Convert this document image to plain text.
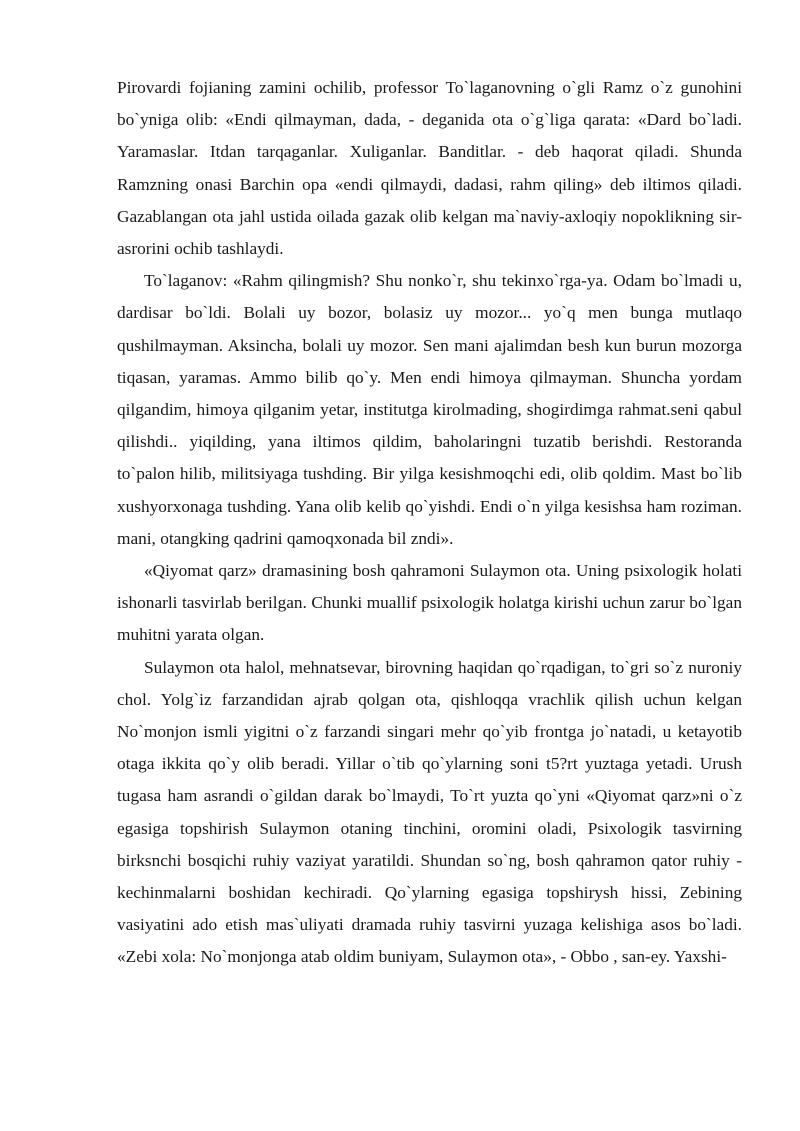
Pirovardi fojianing zamini ochilib, professor To`laganovning o`gli Ramz o`z gunohini bo`yniga olib: «Endi qilmayman, dada, - deganida ota o`g`liga qarata: «Dard bo`ladi. Yaramaslar. Itdan tarqaganlar. Xuliganlar. Banditlar. - deb haqorat qiladi. Shunda Ramzning onasi Barchin opa «endi qilmaydi, dadasi, rahm qiling» deb iltimos qiladi. Gazablangan ota jahl ustida oilada gazak olib kelgan ma`naviy-axloqiy nopoklikning sir-asrorini ochib tashlaydi.

To`laganov: «Rahm qilingmish? Shu nonko`r, shu tekinxo`rga-ya. Odam bo`lmadi u, dardisar bo`ldi. Bolali uy bozor, bolasiz uy mozor... yo`q men bunga mutlaqo qushilmayman. Aksincha, bolali uy mozor. Sen mani ajalimdan besh kun burun mozorga tiqasan, yaramas. Ammo bilib qo`y. Men endi himoya qilmayman. Shuncha yordam qilgandim, himoya qilganim yetar, institutga kirolmading, shogirdimga rahmat.seni qabul qilishdi.. yiqilding, yana iltimos qildim, baholaringni tuzatib berishdi. Restoranda to`palon hilib, militsiyaga tushding. Bir yilga kesishmoqchi edi, olib qoldim. Mast bo`lib xushyorxonaga tushding. Yana olib kelib qo`yishdi. Endi o`n yilga kesishsa ham roziman. mani, otangking qadrini qamoqxonada bil zndi».

«Qiyomat qarz» dramasining bosh qahramoni Sulaymon ota. Uning psixologik holati ishonarli tasvirlab berilgan. Chunki muallif psixologik holatga kirishi uchun zarur bo`lgan muhitni yarata olgan.

Sulaymon ota halol, mehnatsevar, birovning haqidan qo`rqadigan, to`gri so`z nuroniy chol. Yolg`iz farzandidan ajrab qolgan ota, qishloqqa vrachlik qilish uchun kelgan No`monjon ismli yigitni o`z farzandi singari mehr qo`yib frontga jo`natadi, u ketayotib otaga ikkita qo`y olib beradi. Yillar o`tib qo`ylarning soni t5?rt yuztaga yetadi. Urush tugasa ham asrandi o`gildan darak bo`lmaydi, To`rt yuzta qo`yni «Qiyomat qarz»ni o`z egasiga topshirish Sulaymon otaning tinchini, oromini oladi, Psixologik tasvirning birksnchi bosqichi ruhiy vaziyat yaratildi. Shundan so`ng, bosh qahramon qator ruhiy -kechinmalarni boshidan kechiradi. Qo`ylarning egasiga topshirysh hissi, Zebining vasiyatini ado etish mas`uliyati dramada ruhiy tasvirni yuzaga kelishiga asos bo`ladi. «Zebi xola: No`monjonga atab oldim buniyam, Sulaymon ota», - Obbo , san-ey. Yaxshi-
